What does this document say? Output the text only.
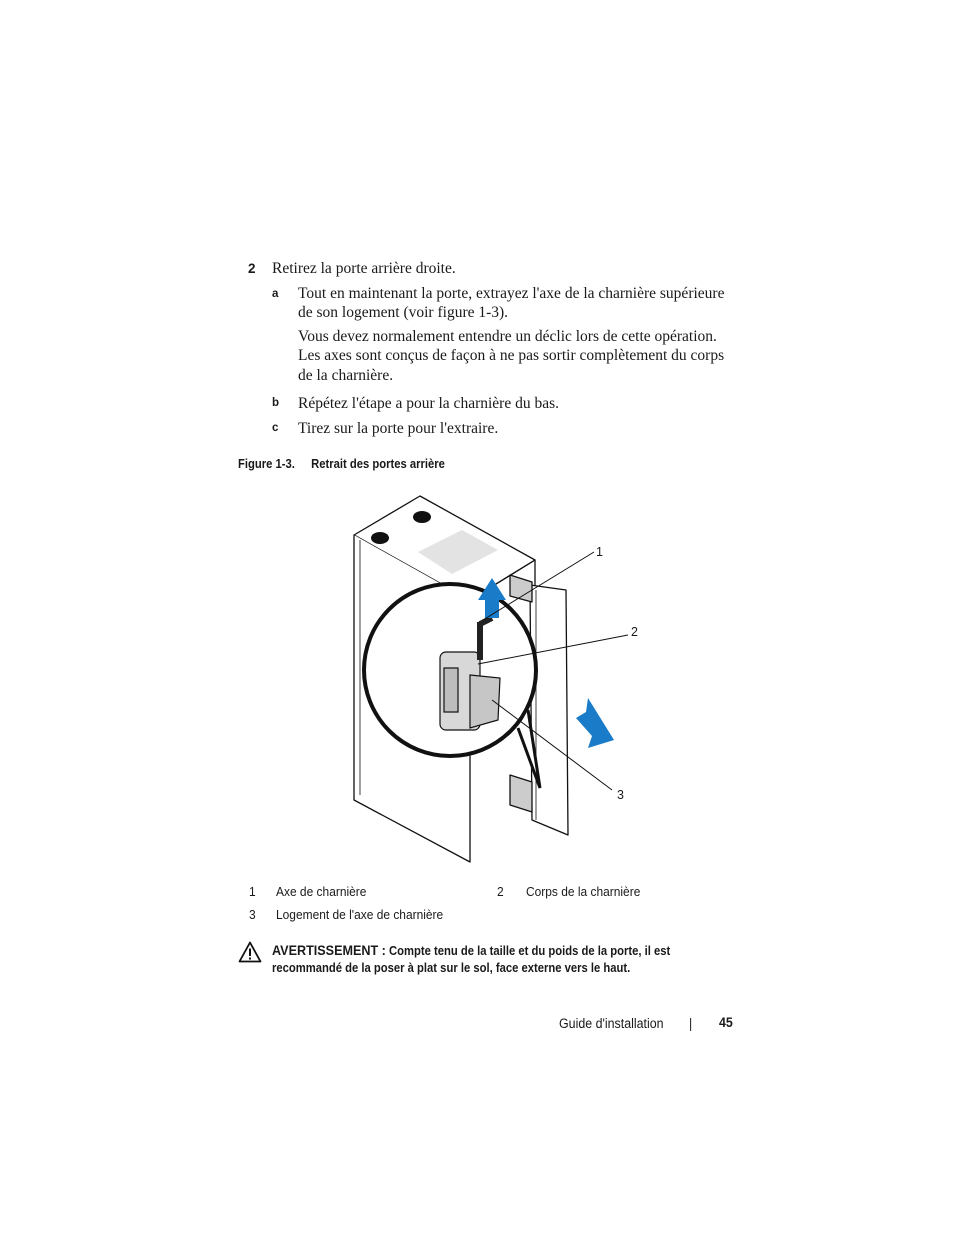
2 Retirez la porte arrière droite.
a Tout en maintenant la porte, extrayez l'axe de la charnière supérieure
de son logement (voir figure 1-3).
Vous devez normalement entendre un déclic lors de cette opération.
Les axes sont conçus de façon à ne pas sortir complètement du corps
de la charnière.
b Répétez l'étape a pour la charnière du bas.
c Tirez sur la porte pour l'extraire.
Figure 1-3. Retrait des portes arrière
1
2
3
1 Axe de charnière	2 Corps de la charnière
3 Logement de l'axe de charnière
AVERTISSEMENT : Compte tenu de la taille et du poids de la porte, il est
recommandé de la poser à plat sur le sol, face externe vers le haut.
Guide d'installation | 45
